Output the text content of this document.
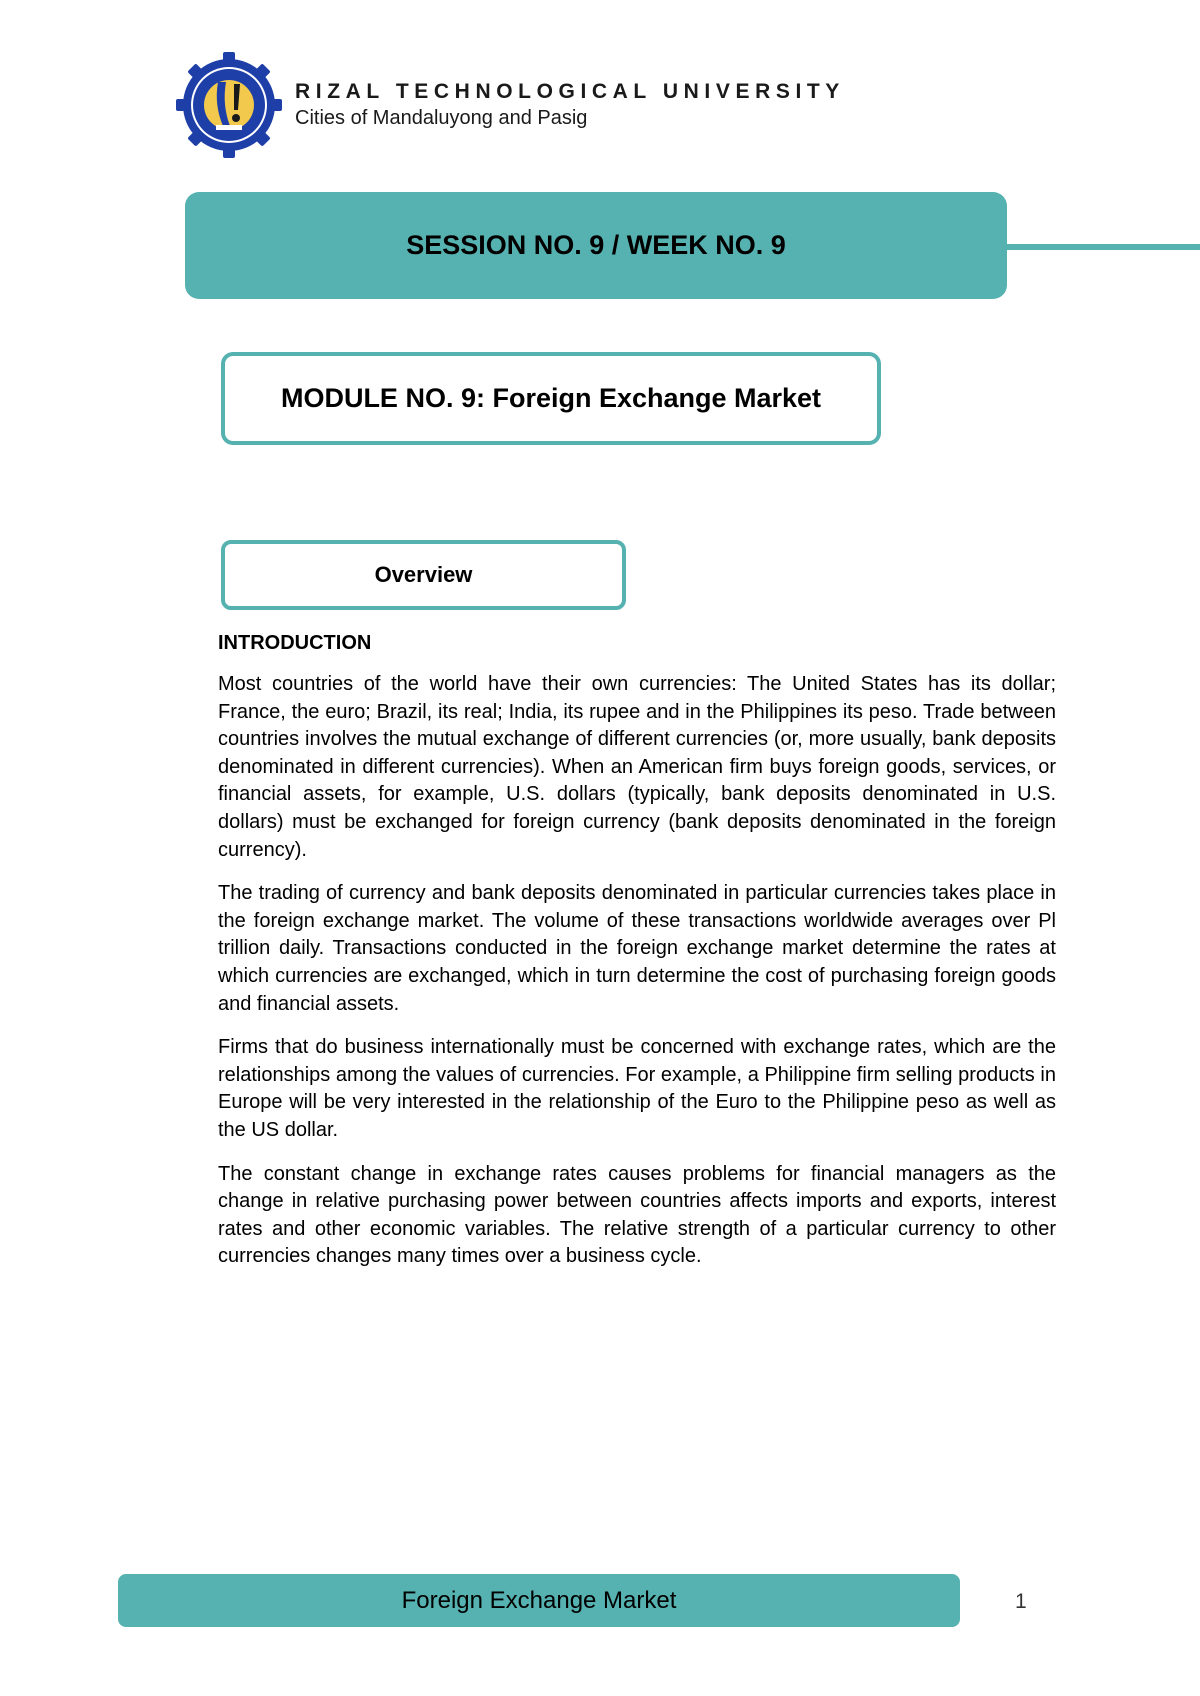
RIZAL TECHNOLOGICAL UNIVERSITY
Cities of Mandaluyong and Pasig
SESSION NO. 9 / WEEK NO. 9
MODULE NO. 9: Foreign Exchange Market
Overview
INTRODUCTION

Most countries of the world have their own currencies: The United States has its dollar; France, the euro; Brazil, its real; India, its rupee and in the Philippines its peso. Trade between countries involves the mutual exchange of different currencies (or, more usually, bank deposits denominated in different currencies). When an American firm buys foreign goods, services, or financial assets, for example, U.S. dollars (typically, bank deposits denominated in U.S. dollars) must be exchanged for foreign currency (bank deposits denominated in the foreign currency).

The trading of currency and bank deposits denominated in particular currencies takes place in the foreign exchange market. The volume of these transactions worldwide averages over Pl trillion daily. Transactions conducted in the foreign exchange market determine the rates at which currencies are exchanged, which in turn determine the cost of purchasing foreign goods and financial assets.

Firms that do business internationally must be concerned with exchange rates, which are the relationships among the values of currencies. For example, a Philippine firm selling products in Europe will be very interested in the relationship of the Euro to the Philippine peso as well as the US dollar.

The constant change in exchange rates causes problems for financial managers as the change in relative purchasing power between countries affects imports and exports, interest rates and other economic variables. The relative strength of a particular currency to other currencies changes many times over a business cycle.

Foreign Exchange Market	1
